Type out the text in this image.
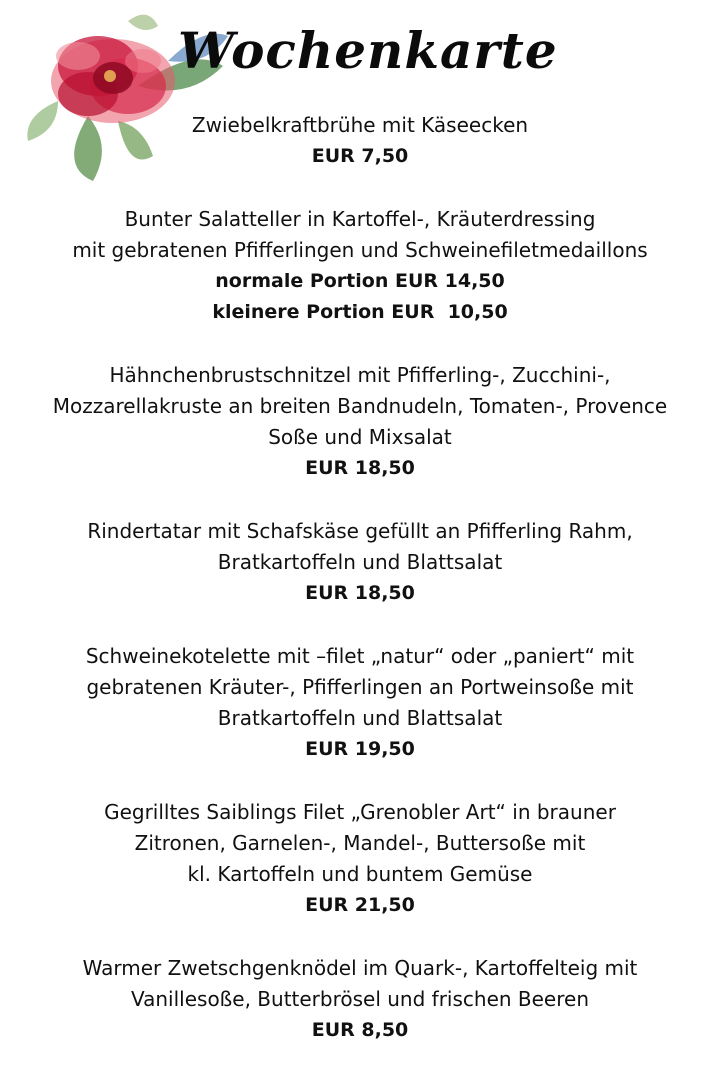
Wochenkarte
Zwiebelkraftbrühe mit Käseecken
EUR 7,50
Bunter Salatteller in Kartoffel-, Kräuterdressing
mit gebratenen Pfifferlingen und Schweinefiletmedaillons
normale Portion EUR 14,50
kleinere Portion EUR  10,50
Hähnchenbrustschnitzel mit Pfifferling-, Zucchini-,
Mozzarellakruste an breiten Bandnudeln, Tomaten-, Provence
Soße und Mixsalat
EUR 18,50
Rindertatar mit Schafskäse gefüllt an Pfifferling Rahm,
Bratkartoffeln und Blattsalat
EUR 18,50
Schweinekotelette mit –filet „natur“ oder „paniert“ mit
gebratenen Kräuter-, Pfifferlingen an Portweinsoße mit
Bratkartoffeln und Blattsalat
EUR 19,50
Gegrilltes Saiblings Filet „Grenobler Art“ in brauner
Zitronen, Garnelen-, Mandel-, Buttersoße mit
kl. Kartoffeln und buntem Gemüse
EUR 21,50
Warmer Zwetschgenknödel im Quark-, Kartoffelteig mit
Vanillesoße, Butterbrösel und frischen Beeren
EUR 8,50
